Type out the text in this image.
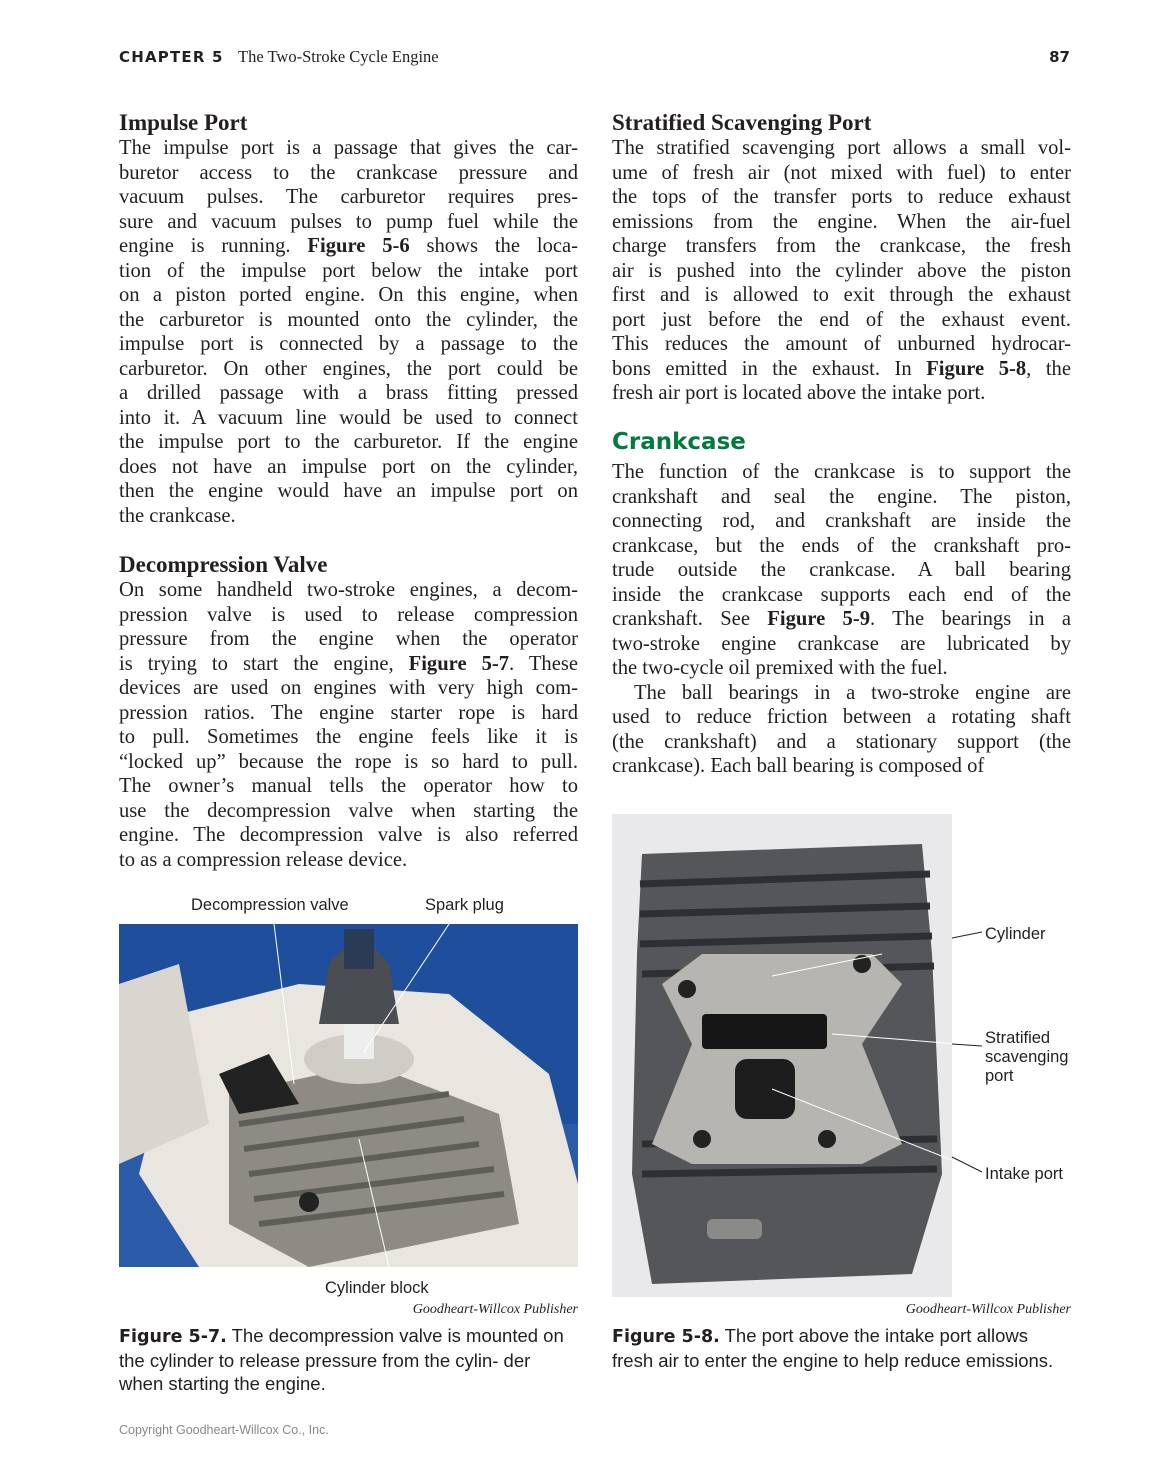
CHAPTER 5 The Two-Stroke Cycle Engine	87
Impulse Port
The impulse port is a passage that gives the car-
buretor access to the crankcase pressure and
vacuum pulses. The carburetor requires pres-
sure and vacuum pulses to pump fuel while the
engine is running. Figure 5-6 shows the loca-
tion of the impulse port below the intake port
on a piston ported engine. On this engine, when
the carburetor is mounted onto the cylinder, the
impulse port is connected by a passage to the
carburetor. On other engines, the port could be
a drilled passage with a brass fitting pressed
into it. A vacuum line would be used to connect
the impulse port to the carburetor. If the engine
does not have an impulse port on the cylinder,
then the engine would have an impulse port on
the crankcase.
Decompression Valve
On some handheld two-stroke engines, a decom-
pression valve is used to release compression
pressure from the engine when the operator
is trying to start the engine, Figure 5-7. These
devices are used on engines with very high com-
pression ratios. The engine starter rope is hard
to pull. Sometimes the engine feels like it is
“locked up” because the rope is so hard to pull.
The owner’s manual tells the operator how to
use the decompression valve when starting the
engine. The decompression valve is also referred
to as a compression release device.
Stratified Scavenging Port
The stratified scavenging port allows a small vol-
ume of fresh air (not mixed with fuel) to enter
the tops of the transfer ports to reduce exhaust
emissions from the engine. When the air-fuel
charge transfers from the crankcase, the fresh
air is pushed into the cylinder above the piston
first and is allowed to exit through the exhaust
port just before the end of the exhaust event.
This reduces the amount of unburned hydrocar-
bons emitted in the exhaust. In Figure 5-8, the
fresh air port is located above the intake port.
Crankcase
The function of the crankcase is to support the
crankshaft and seal the engine. The piston,
connecting rod, and crankshaft are inside the
crankcase, but the ends of the crankshaft pro-
trude outside the crankcase. A ball bearing
inside the crankcase supports each end of the
crankshaft. See Figure 5-9. The bearings in a
two-stroke engine crankcase are lubricated by
the two-cycle oil premixed with the fuel.
The ball bearings in a two-stroke engine are
used to reduce friction between a rotating shaft
(the crankshaft) and a stationary support (the
crankcase). Each ball bearing is composed of
Decompression valve	Spark plug
Cylinder block
Goodheart-Willcox Publisher
Figure 5-7. The decompression valve is mounted on the cylinder to release pressure from the cylin- der when starting the engine.
Cylinder
Stratified
scavenging
port
Intake port
Goodheart-Willcox Publisher
Figure 5-8. The port above the intake port allows fresh air to enter the engine to help reduce emissions.
Copyright Goodheart-Willcox Co., Inc.
